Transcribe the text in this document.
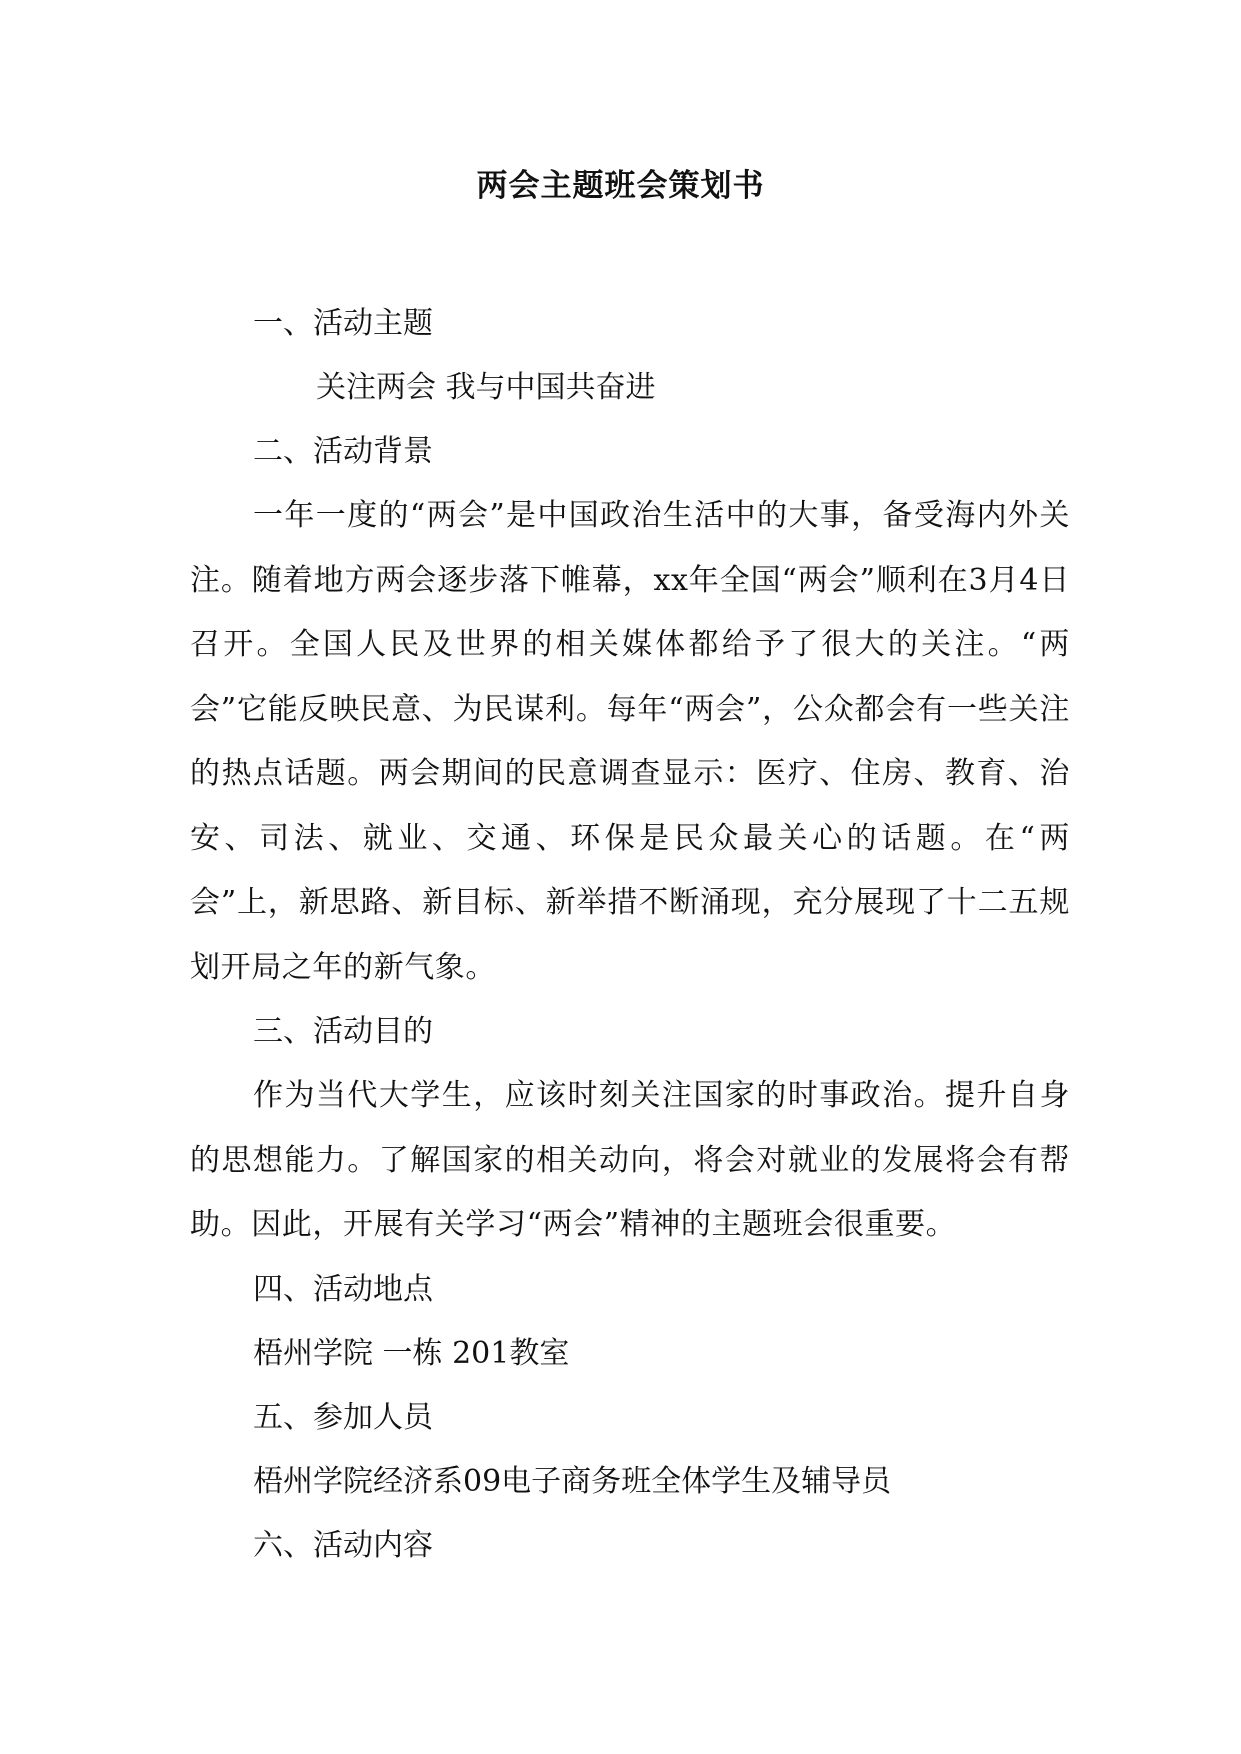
两会主题班会策划书

一、活动主题

关注两会 我与中国共奋进

二、活动背景

一年一度的“两会”是中国政治生活中的大事，备受海内外关注。随着地方两会逐步落下帷幕，xx年全国“两会”顺利在3月4日召开。全国人民及世界的相关媒体都给予了很大的关注。“两会”它能反映民意、为民谋利。每年“两会”，公众都会有一些关注的热点话题。两会期间的民意调查显示：医疗、住房、教育、治安、司法、就业、交通、环保是民众最关心的话题。在“两会”上，新思路、新目标、新举措不断涌现，充分展现了十二五规划开局之年的新气象。

三、活动目的

作为当代大学生，应该时刻关注国家的时事政治。提升自身的思想能力。了解国家的相关动向，将会对就业的发展将会有帮助。因此，开展有关学习“两会”精神的主题班会很重要。

四、活动地点

梧州学院 一栋 201教室

五、参加人员

梧州学院经济系09电子商务班全体学生及辅导员

六、活动内容
